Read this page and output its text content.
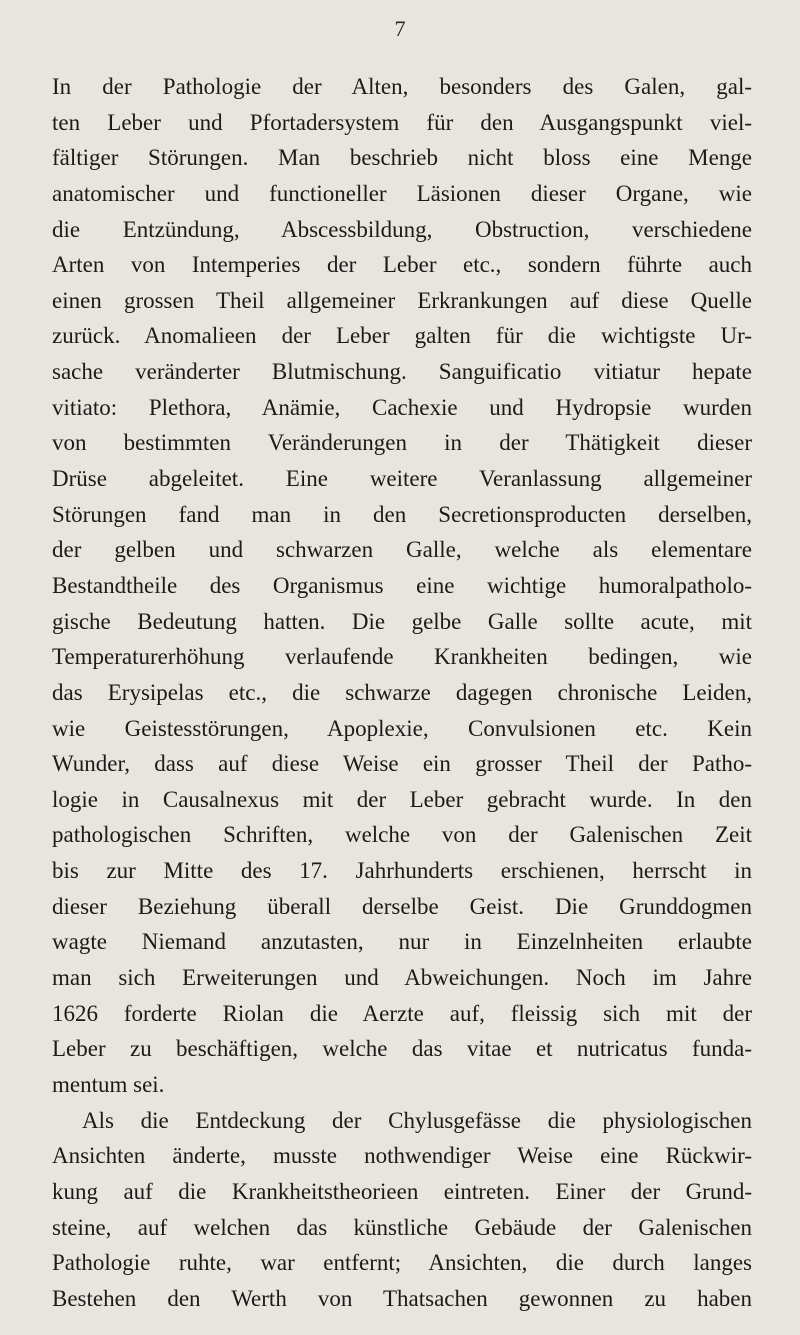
7
In der Pathologie der Alten, besonders des Galen, gal-
ten Leber und Pfortadersystem für den Ausgangspunkt viel-
fältiger Störungen. Man beschrieb nicht bloss eine Menge
anatomischer und functioneller Läsionen dieser Organe, wie
die Entzündung, Abscessbildung, Obstruction, verschiedene
Arten von Intemperies der Leber etc., sondern führte auch
einen grossen Theil allgemeiner Erkrankungen auf diese Quelle
zurück. Anomalieen der Leber galten für die wichtigste Ur-
sache veränderter Blutmischung. Sanguificatio vitiatur hepate
vitiato: Plethora, Anämie, Cachexie und Hydropsie wurden
von bestimmten Veränderungen in der Thätigkeit dieser
Drüse abgeleitet. Eine weitere Veranlassung allgemeiner
Störungen fand man in den Secretionsproducten derselben,
der gelben und schwarzen Galle, welche als elementare
Bestandtheile des Organismus eine wichtige humoralpatholo-
gische Bedeutung hatten. Die gelbe Galle sollte acute, mit
Temperaturerhöhung verlaufende Krankheiten bedingen, wie
das Erysipelas etc., die schwarze dagegen chronische Leiden,
wie Geistesstörungen, Apoplexie, Convulsionen etc. Kein
Wunder, dass auf diese Weise ein grosser Theil der Patho-
logie in Causalnexus mit der Leber gebracht wurde. In den
pathologischen Schriften, welche von der Galenischen Zeit
bis zur Mitte des 17. Jahrhunderts erschienen, herrscht in
dieser Beziehung überall derselbe Geist. Die Grunddogmen
wagte Niemand anzutasten, nur in Einzelnheiten erlaubte
man sich Erweiterungen und Abweichungen. Noch im Jahre
1626 forderte Riolan die Aerzte auf, fleissig sich mit der
Leber zu beschäftigen, welche das vitae et nutricatus funda-
mentum sei.
Als die Entdeckung der Chylusgefässe die physiologischen
Ansichten änderte, musste nothwendiger Weise eine Rückwir-
kung auf die Krankheitstheorieen eintreten. Einer der Grund-
steine, auf welchen das künstliche Gebäude der Galenischen
Pathologie ruhte, war entfernt; Ansichten, die durch langes
Bestehen den Werth von Thatsachen gewonnen zu haben
